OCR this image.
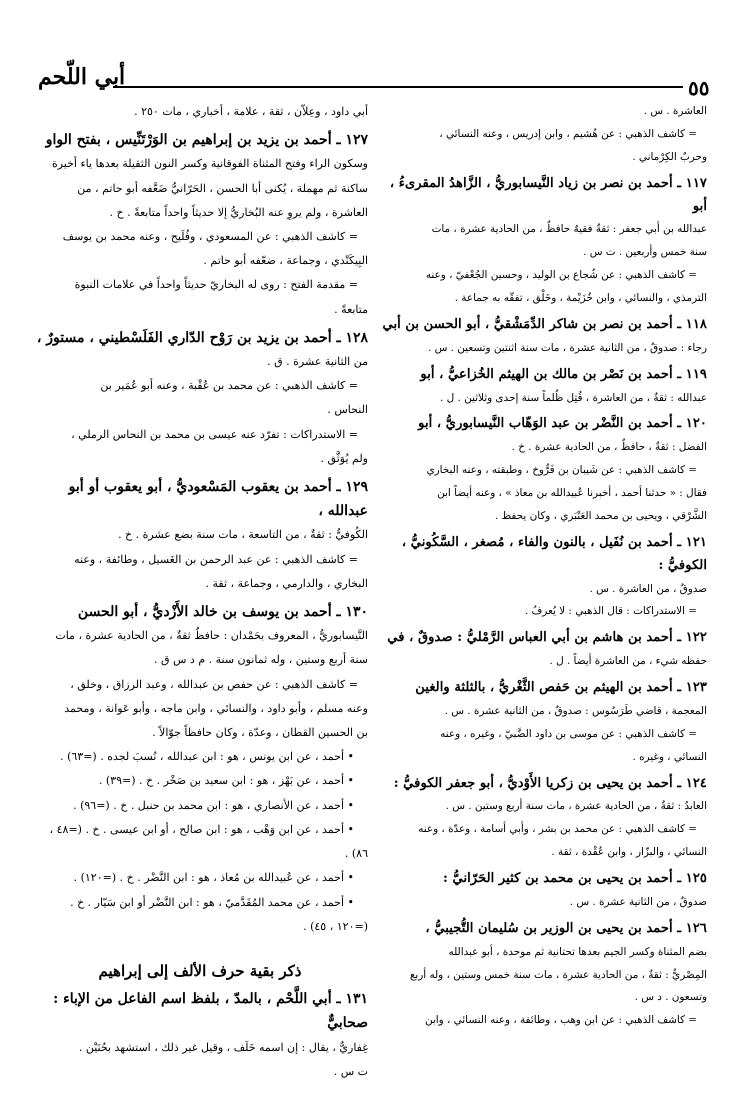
٥٥
أبي اللّحم

العاشرة . س .

= كاشف الذهبي : عن هُشيم ، وابن إدريس ، وعنه النسائي ،

وحربٌ الكِرْماني .

١١٧ ـ أحمد بن نصر بن زياد النَّيسابوريُّ ، الزَّاهدُ المقرىءُ ، أبو

عبدالله بن أبي جعفر : ثقةٌ فقيهٌ حافظٌ ، من الحادية عشرة ، مات

سنة خمس وأربعين . ت س .

= كاشف الذهبي : عن شُجاع بن الوليد ، وحسين الجُعْفيّ ، وعنه

الترمذي ، والنسائي ، وابن خُزَيْمة ، وخَلْق ، تفقّه به جماعة .

١١٨ ـ أحمد بن نصر بن شاكر الدِّمَشْقيُّ ، أبو الحسن بن أبي

رجاء : صدوقٌ ، من الثانية عشرة ، مات سنة اثنتين وتسعين . س .

١١٩ ـ أحمد بن نَصْر بن مالك بن الهيثم الخُزاعيُّ ، أبو

عبدالله : ثقةٌ ، من العاشرة ، قُتِل ظُلماً سنة إحدى وثلاثين . ل .

١٢٠ ـ أحمد بن النَّضْر بن عبد الوَهّاب النَّيسابوريُّ ، أبو

الفضل : ثقةٌ ، حافظٌ ، من الحادية عشرة . خ .

= كاشف الذهبي : عن شَيبان بن فَرُّوخ ، وطبقته ، وعنه البخاري

فقال : « حدثنا أحمد ، أخبرنا عُبيدالله بن معاذ » ، وعنه أيضاً ابن

الشَّرْقي ، ويحيى بن محمد العَنْبَري ، وكان يحفظ .

١٢١ ـ أحمد بن نُفَيل ، بالنون والفاء ، مُصغر ، السَّكُونيُّ ، الكوفيُّ :

صدوقٌ ، من العاشرة . س .

= الاستدراكات : قال الذهبي : لا يُعرفُ .

١٢٢ ـ أحمد بن هاشم بن أبي العباس الرَّمْليُّ : صدوقٌ ، في

حفظه شيء ، من العاشرة أيضاً . ل .

١٢٣ ـ أحمد بن الهيثم بن حَفص الثَّغْريُّ ، بالثلثة والغين

المعجمة ، قاضي طَرَسُوس : صدوقٌ ، من الثانية عشرة . س .

= كاشف الذهبي : عن موسى بن داود الضَّبيّ ، وغيره ، وعنه

النسائي ، وغيره .

١٢٤ ـ أحمد بن يحيى بن زكريا الأَوْديُّ ، أبو جعفر الكوفيُّ :

العابدُ : ثقةٌ ، من الحادية عشرة ، مات سنة أربع وستين . س .

= كاشف الذهبي : عن محمد بن بشر ، وأبي أسامة ، وعدّة ، وعنه

النسائي ، والبزّار ، وابن عُقْدة ، ثقة .

١٢٥ ـ أحمد بن يحيى بن محمد بن كثير الحَرّانيُّ :

صدوقٌ ، من الثانية عشرة . س .

١٢٦ ـ أحمد بن يحيى بن الوزير بن سُليمان التُّجيبيُّ ،

بضم المثناة وكسر الجيم بعدها تحتانية ثم موحدة ، أبو عبدالله

المِصْريُّ : ثقةٌ ، من الحادية عشرة ، مات سنة خمس وستين ، وله أربع

وتسعون . د س .

= كاشف الذهبي : عن ابن وهب ، وطائفة ، وعنه النسائي ، وابن

أبي داود ، وعِلاّن ، ثقة ، علامة ، أخباري ، مات ٢٥٠ .

١٢٧ ـ أحمد بن يزيد بن إبراهيم بن الوَرْتَنِّيس ، بفتح الواو

وسكون الراء وفتح المثناة الفوقانية وكسر النون الثقيلة بعدها ياء أخيرة

ساكنة ثم مهملة ، يُكنى أبا الحسن ، الحَرّانيُّ ضَعَّفه أبو حاتم ، من

العاشرة ، ولم يروِ عنه البُخاريُّ إلا حديثاً واحداً متابعةً . خ .

= كاشف الذهبي : عن المسعودي ، وفُلَيح ، وعنه محمد بن يوسف

البِيكَنْدي ، وجماعة ، ضعّفه أبو حاتم .

= مقدمة الفتح : روى له البخاريّ حديثاً واحداً في علامات النبوة

متابعةً .

١٢٨ ـ أحمد بن يزيد بن رَوْح الدّاري الفَلَسْطيني ، مستورٌ ،

من الثانية عشرة . ق .

= كاشف الذهبي : عن محمد بن عُقْبة ، وعنه أبو عُمَير بن

النحاس .

= الاستدراكات : تفرّد عنه عيسى بن محمد بن النحاس الرملي ،

ولم يُوَثَّق .

١٢٩ ـ أحمد بن يعقوب المَسْعوديُّ ، أبو يعقوب أو أبو عبدالله ،

الكُوفيُّ : ثقةٌ ، من التاسعة ، مات سنة بضع عشرة . خ .

= كاشف الذهبي : عن عبد الرحمن بن الغَسيل ، وطائفة ، وعنه

البخاري ، والدارمي ، وجماعة ، ثقة .

١٣٠ ـ أحمد بن يوسف بن خالد الأَزْديُّ ، أبو الحسن

النَّيسابوريُّ ، المعروف بحَمْدان : حافظٌ ثقةٌ ، من الحادية عشرة ، مات

سنة أربع وستين ، وله ثمانون سنة . م د س ق .

= كاشف الذهبي : عن حفص بن عبدالله ، وعبد الرزاق ، وخلق ،

وعنه مسلم ، وأبو داود ، والنسائي ، وابن ماجه ، وأبو عَوانة ، ومحمد

بن الحسين القطان ، وعدّة ، وكان حافظاً جوّالاً .

• أحمد ، عن ابن يونس ، هو : ابن عبدالله ، نُسبَ لجده . (=٦٣) .

• أحمد ، عن بَهْز ، هو : ابن سعيد بن صَخْر . خ . (=٣٩) .

• أحمد ، عن الأنصاري ، هو : ابن محمد بن حنبل . خ . (=٩٦) .

• أحمد ، عن ابن وَهْب ، هو : ابن صالح ، أو ابن عيسى . خ . (=٤٨ ،

٨٦) .

• أحمد ، عن عُبيدالله بن مُعاذ ، هو : ابن النَّضْر . خ . (=١٢٠) .

• أحمد ، عن محمد المُقَدَّميّ ، هو : ابن النَّضْر أو ابن سَيّار . خ .

(=١٢٠ ، ٤٥) .

ذكر بقية حرف الألف إلى إبراهيم

١٣١ ـ أبي اللَّحْم ، بالمدّ ، بلفظ اسم الفاعل من الإباء : صحابيٌّ

غِفاريٌّ ، يقال : إن اسمه خَلَف ، وقيل غير ذلك ، استشهد بحُنَيْن .

ت س .
